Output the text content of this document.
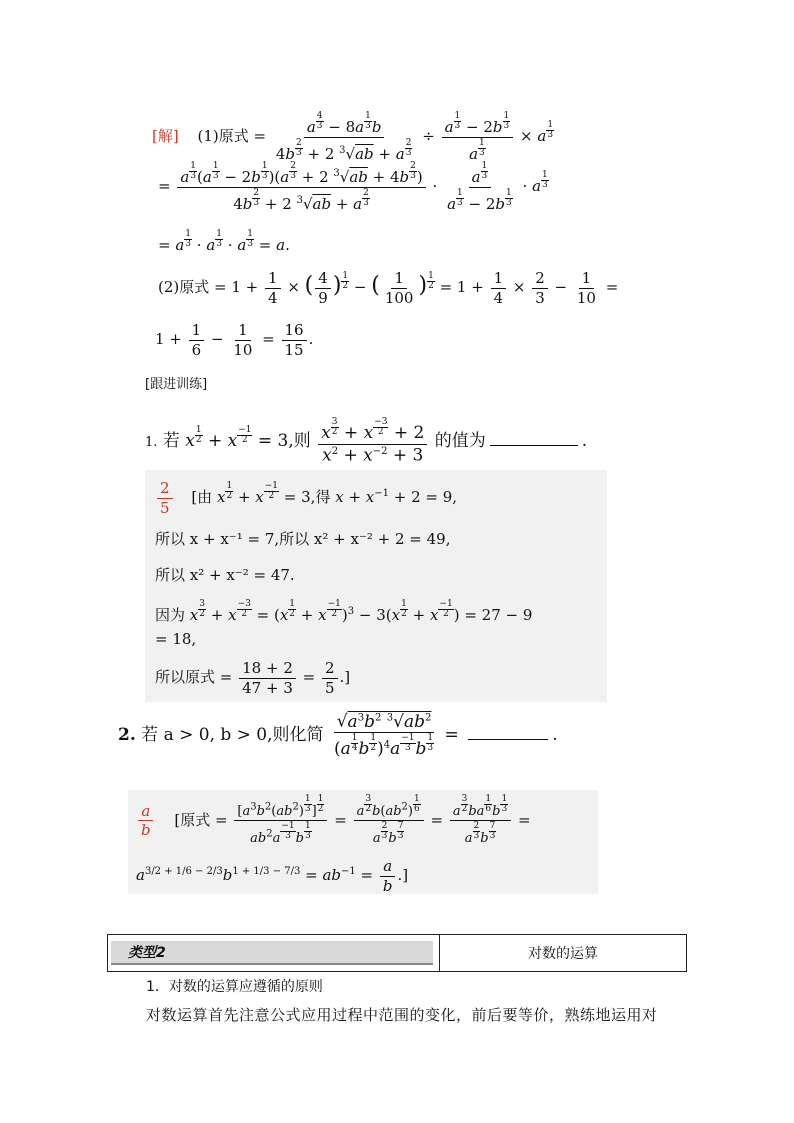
[解] (1)原式 = $\frac{a \frac{4}{3} - 8a \frac{1}{3} b}{4b \frac{2}{3} + 2 ^3√ab + a \frac{2}{3}} \div \frac{a \frac{1}{3} - 2b \frac{1}{3}}{a \frac{1}{3}} \times a \frac{1}{3}$
= $\frac{a \frac{1}{3} (a \frac{1}{3} - 2b \frac{1}{3} )(a \frac{2}{3} + 2 ^3√ab + 4b \frac{2}{3} )}{4b \frac{2}{3} + 2 ^3√ab + a \frac{2}{3}} \cdot \frac{a \frac{1}{3}}{a \frac{1}{3} - 2b \frac{1}{3}} \cdot a \frac{1}{3}$
= a $\frac{1}{3} \cdot a \frac{1}{3} \cdot a \frac{1}{3} = a$.
(2)原式 = $1 + \frac{1}{4}$ × ( $\frac{4}{9}$ ) $\frac{1}{2}$ − ( $\frac{1}{100}$ ) $\frac{1}{2} = 1 + \frac{1}{4} \times \frac{2}{3} - \frac{1}{10}$ =
$1 + \frac{1}{6} - \frac{1}{10} = \frac{16}{15}$ .
[跟进训练]
1. 若 x $\frac{1}{2} + x \frac{-1}{2} = 3$,则 $\frac{x \frac{3}{2} + x \frac{-3}{2} + 2}{x^2 + x^{-2} + 3}$ 的值为	.
$\frac{2}{5}$ [由 x $\frac{1}{2} + x \frac{-1}{2} = 3$,得 $x + x^{-1} + 2 = 9$,
所以 x + x⁻¹ = 7,所以 x² + x⁻² + 2 = 49,
所以 x² + x⁻² = 47.
因为 x $\frac{3}{2} + x \frac{-3}{2} = (x \frac{1}{2} + x \frac{-1}{2} )^3 - 3(x \frac{1}{2} + x \frac{-1}{2}$ ) = 27 − 9
= 18,
所以原式 = $\frac{18 + 2}{47 + 3} = \frac{2}{5}$ .]
2. 若 a > 0, b > 0,则化简 $\frac{√a^3b^2 ^3√ab^2}{(a \frac{1}{4} b \frac{1}{2} )^4a \frac{-1}{3} b \frac{1}{3}}$ =	.
$\frac{a}{b}$ [原式 = $\frac{[a^3b^2(ab^2) \frac{1}{3} ] \frac{1}{2}}{ab^2a \frac{-1}{3} b \frac{1}{3}} = \frac{a \frac{3}{2} b(ab^2) \frac{1}{6}}{a \frac{2}{3} b \frac{7}{3}} = \frac{a \frac{3}{2} ba \frac{1}{6} b \frac{1}{3}}{a \frac{2}{3} b \frac{7}{3}}$ =
$a^{3/2 + 1/6 - 2/3}b^{1 + 1/3 - 7/3} = ab^{-1} = \frac{a}{b}$ .]
类型2	对数的运算
1．对数的运算应遵循的原则
对数运算首先注意公式应用过程中范围的变化，前后要等价，熟练地运用对
